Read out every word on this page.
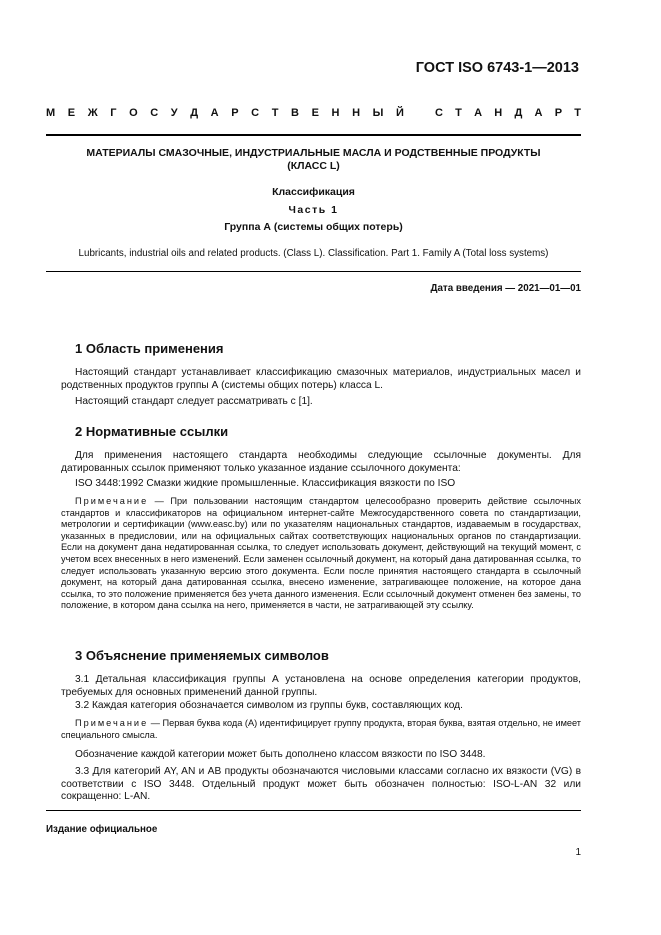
ГОСТ ISO 6743-1—2013
М Е Ж Г О С У Д А Р С Т В Е Н Н Ы Й	С Т А Н Д А Р Т
МАТЕРИАЛЫ СМАЗОЧНЫЕ, ИНДУСТРИАЛЬНЫЕ МАСЛА И РОДСТВЕННЫЕ ПРОДУКТЫ
(КЛАСС L)
Классификация
Часть 1
Группа А (системы общих потерь)
Lubricants, industrial oils and related products. (Class L). Classification. Part 1. Family A (Total loss systems)
Дата введения — 2021—01—01
1 Область применения

Настоящий стандарт устанавливает классификацию смазочных материалов, индустриальных масел и родственных продуктов группы А (системы общих потерь) класса L.

Настоящий стандарт следует рассматривать с [1].

2 Нормативные ссылки

Для применения настоящего стандарта необходимы следующие ссылочные документы. Для датированных ссылок применяют только указанное издание ссылочного документа:

ISO 3448:1992 Смазки жидкие промышленные. Классификация вязкости по ISO

Примечание — При пользовании настоящим стандартом целесообразно проверить действие ссылочных стандартов и классификаторов на официальном интернет-сайте Межгосударственного совета по стандартизации, метрологии и сертификации (www.easc.by) или по указателям национальных стандартов, издаваемым в государствах, указанных в предисловии, или на официальных сайтах соответствующих национальных органов по стандартизации. Если на документ дана недатированная ссылка, то следует использовать документ, действующий на текущий момент, с учетом всех внесенных в него изменений. Если заменен ссылочный документ, на который дана датированная ссылка, то следует использовать указанную версию этого документа. Если после принятия настоящего стандарта в ссылочный документ, на который дана датированная ссылка, внесено изменение, затрагивающее положение, на которое дана ссылка, то это положение применяется без учета данного изменения. Если ссылочный документ отменен без замены, то положение, в котором дана ссылка на него, применяется в части, не затрагивающей эту ссылку.

3 Объяснение применяемых символов

3.1 Детальная классификация группы А установлена на основе определения категории продуктов, требуемых для основных применений данной группы.

3.2 Каждая категория обозначается символом из группы букв, составляющих код.

Примечание — Первая буква кода (А) идентифицирует группу продукта, вторая буква, взятая отдельно, не имеет специального смысла.

Обозначение каждой категории может быть дополнено классом вязкости по ISO 3448.

3.3 Для категорий AY, AN и AB продукты обозначаются числовыми классами согласно их вязкости (VG) в соответствии с ISO 3448. Отдельный продукт может быть обозначен полностью: ISO-L-AN 32 или сокращенно: L-AN.

Издание официальное
1
